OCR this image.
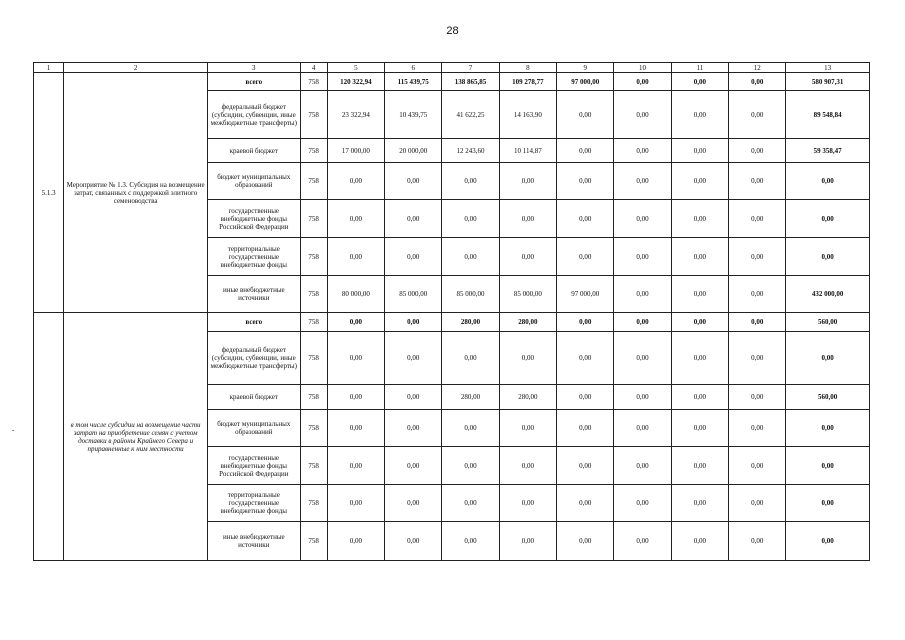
28
-
1	2	3	4	5	6	7	8	9	10	11	12	13
5.1.3	Мероприятие № 1.3. Субсидия на возмещение затрат, связанных с поддержкой элитного семеноводства	всего	758	120 322,94	115 439,75	138 865,85	109 278,77	97 000,00	0,00	0,00	0,00	580 907,31
		федеральный бюджет (субсидии, субвенции, иные межбюджетные трансферты)	758	23 322,94	10 439,75	41 622,25	14 163,90	0,00	0,00	0,00	0,00	89 548,84
		краевой бюджет	758	17 000,00	20 000,00	12 243,60	10 114,87	0,00	0,00	0,00	0,00	59 358,47
		бюджет муниципальных образований	758	0,00	0,00	0,00	0,00	0,00	0,00	0,00	0,00	0,00
		государственные внебюджетные фонды Российской Федерации	758	0,00	0,00	0,00	0,00	0,00	0,00	0,00	0,00	0,00
		территориальные государственные внебюджетные фонды	758	0,00	0,00	0,00	0,00	0,00	0,00	0,00	0,00	0,00
		иные внебюджетные источники	758	80 000,00	85 000,00	85 000,00	85 000,00	97 000,00	0,00	0,00	0,00	432 000,00
	в том числе субсидии на возмещение части затрат на приобретение семян с учетом доставки в районы Крайнего Севера и приравненные к ним местности	всего	758	0,00	0,00	280,00	280,00	0,00	0,00	0,00	0,00	560,00
		федеральный бюджет (субсидии, субвенции, иные межбюджетные трансферты)	758	0,00	0,00	0,00	0,00	0,00	0,00	0,00	0,00	0,00
		краевой бюджет	758	0,00	0,00	280,00	280,00	0,00	0,00	0,00	0,00	560,00
		бюджет муниципальных образований	758	0,00	0,00	0,00	0,00	0,00	0,00	0,00	0,00	0,00
		государственные внебюджетные фонды Российской Федерации	758	0,00	0,00	0,00	0,00	0,00	0,00	0,00	0,00	0,00
		территориальные государственные внебюджетные фонды	758	0,00	0,00	0,00	0,00	0,00	0,00	0,00	0,00	0,00
		иные внебюджетные источники	758	0,00	0,00	0,00	0,00	0,00	0,00	0,00	0,00	0,00
